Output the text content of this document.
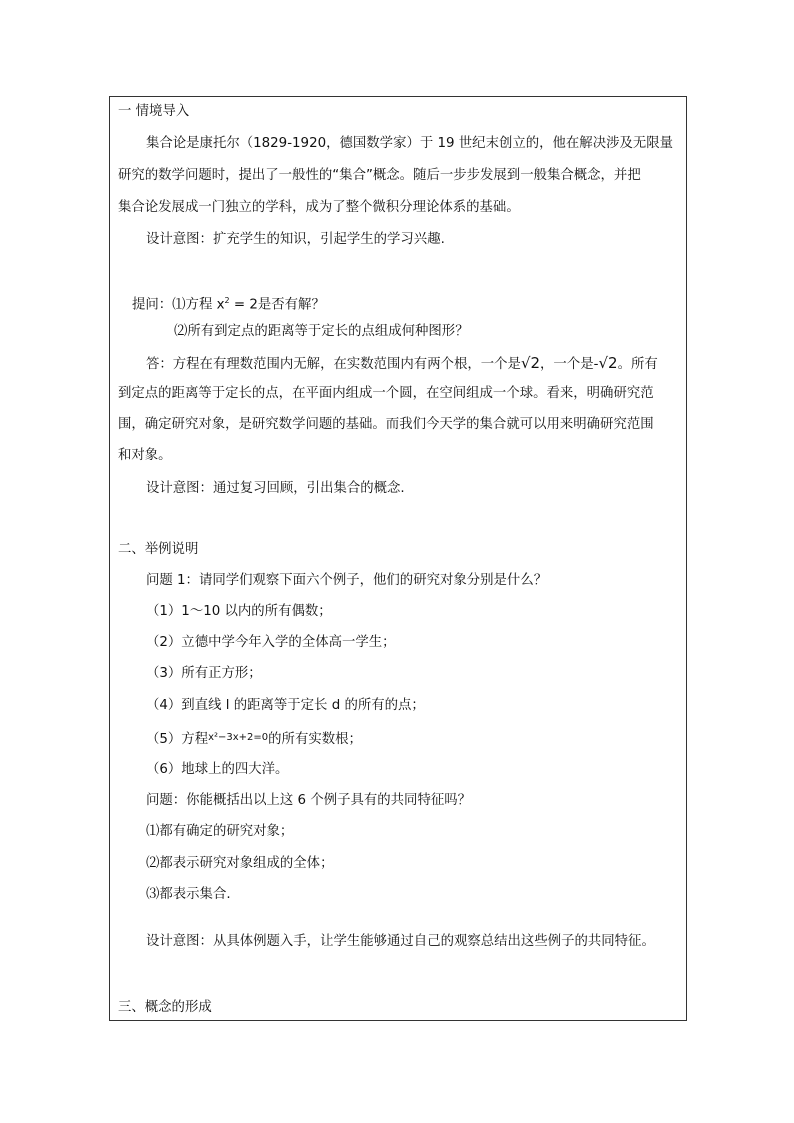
一 情境导入
集合论是康托尔（1829-1920，德国数学家）于 19 世纪末创立的，他在解决涉及无限量
研究的数学问题时，提出了一般性的“集合”概念。随后一步步发展到一般集合概念，并把
集合论发展成一门独立的学科，成为了整个微积分理论体系的基础。
设计意图：扩充学生的知识，引起学生的学习兴趣.
提问：⑴方程 $x^2 = 2$是否有解？
⑵所有到定点的距离等于定长的点组成何种图形？
答：方程在有理数范围内无解，在实数范围内有两个根，一个是√2，一个是-√2。所有
到定点的距离等于定长的点，在平面内组成一个圆，在空间组成一个球。看来，明确研究范
围，确定研究对象，是研究数学问题的基础。而我们今天学的集合就可以用来明确研究范围
和对象。
设计意图：通过复习回顾，引出集合的概念.
二、举例说明
问题 1：请同学们观察下面六个例子，他们的研究对象分别是什么？
（1）1～10 以内的所有偶数；
（2）立德中学今年入学的全体高一学生；
（3）所有正方形；
（4）到直线 l 的距离等于定长 d 的所有的点；
（5）方程$^{x^2-3x+2=0}$的所有实数根；
（6）地球上的四大洋。
问题：你能概括出以上这 6 个例子具有的共同特征吗？
⑴都有确定的研究对象；
⑵都表示研究对象组成的全体；
⑶都表示集合.
设计意图：从具体例题入手，让学生能够通过自己的观察总结出这些例子的共同特征。
三、概念的形成
